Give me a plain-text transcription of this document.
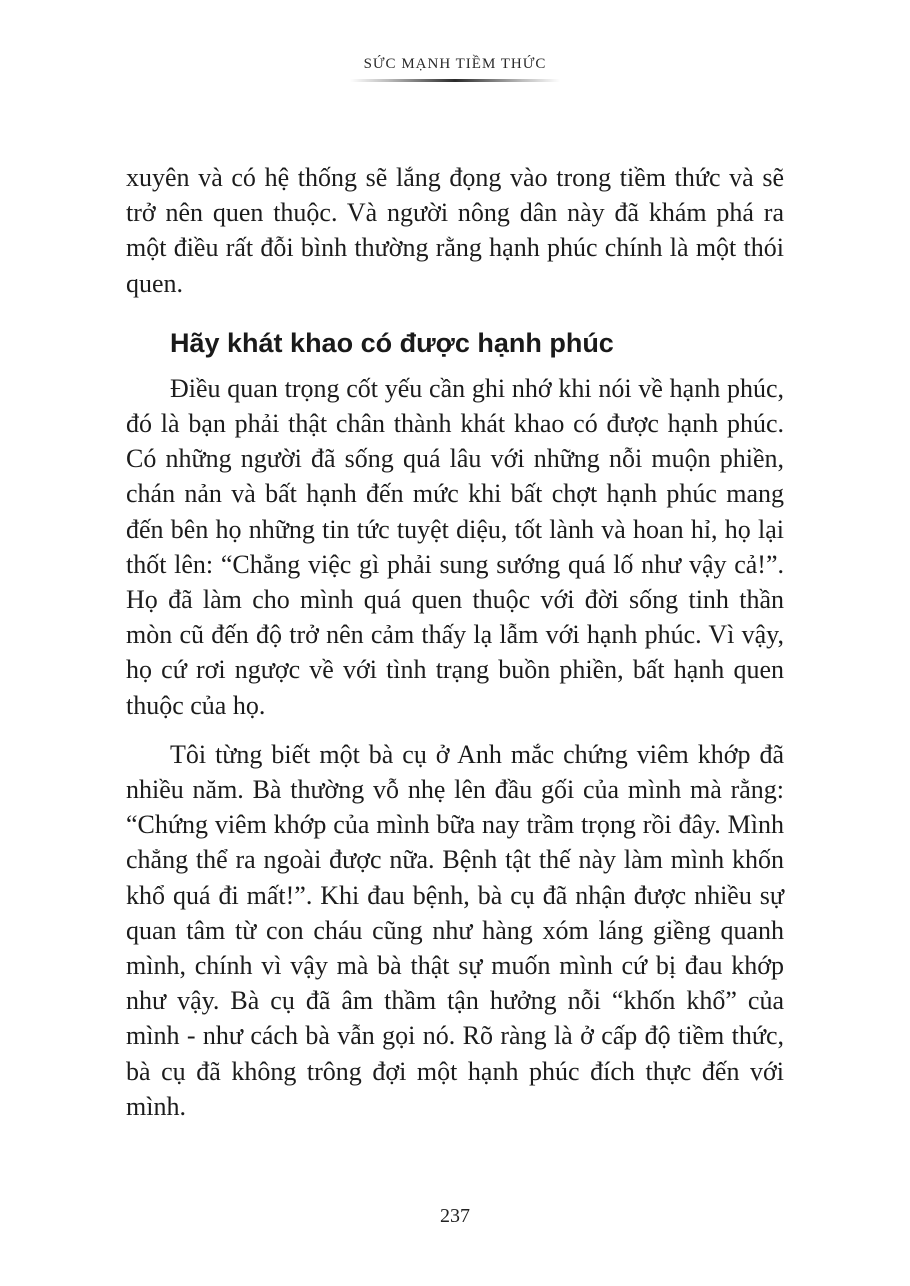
SỨC MẠNH TIỀM THỨC

xuyên và có hệ thống sẽ lắng đọng vào trong tiềm thức và sẽ trở nên quen thuộc. Và người nông dân này đã khám phá ra một điều rất đỗi bình thường rằng hạnh phúc chính là một thói quen.

Hãy khát khao có được hạnh phúc

Điều quan trọng cốt yếu cần ghi nhớ khi nói về hạnh phúc, đó là bạn phải thật chân thành khát khao có được hạnh phúc. Có những người đã sống quá lâu với những nỗi muộn phiền, chán nản và bất hạnh đến mức khi bất chợt hạnh phúc mang đến bên họ những tin tức tuyệt diệu, tốt lành và hoan hỉ, họ lại thốt lên: “Chẳng việc gì phải sung sướng quá lố như vậy cả!”. Họ đã làm cho mình quá quen thuộc với đời sống tinh thần mòn cũ đến độ trở nên cảm thấy lạ lẫm với hạnh phúc. Vì vậy, họ cứ rơi ngược về với tình trạng buồn phiền, bất hạnh quen thuộc của họ.

Tôi từng biết một bà cụ ở Anh mắc chứng viêm khớp đã nhiều năm. Bà thường vỗ nhẹ lên đầu gối của mình mà rằng: “Chứng viêm khớp của mình bữa nay trầm trọng rồi đây. Mình chẳng thể ra ngoài được nữa. Bệnh tật thế này làm mình khốn khổ quá đi mất!”. Khi đau bệnh, bà cụ đã nhận được nhiều sự quan tâm từ con cháu cũng như hàng xóm láng giềng quanh mình, chính vì vậy mà bà thật sự muốn mình cứ bị đau khớp như vậy. Bà cụ đã âm thầm tận hưởng nỗi “khốn khổ” của mình - như cách bà vẫn gọi nó. Rõ ràng là ở cấp độ tiềm thức, bà cụ đã không trông đợi một hạnh phúc đích thực đến với mình.

237
